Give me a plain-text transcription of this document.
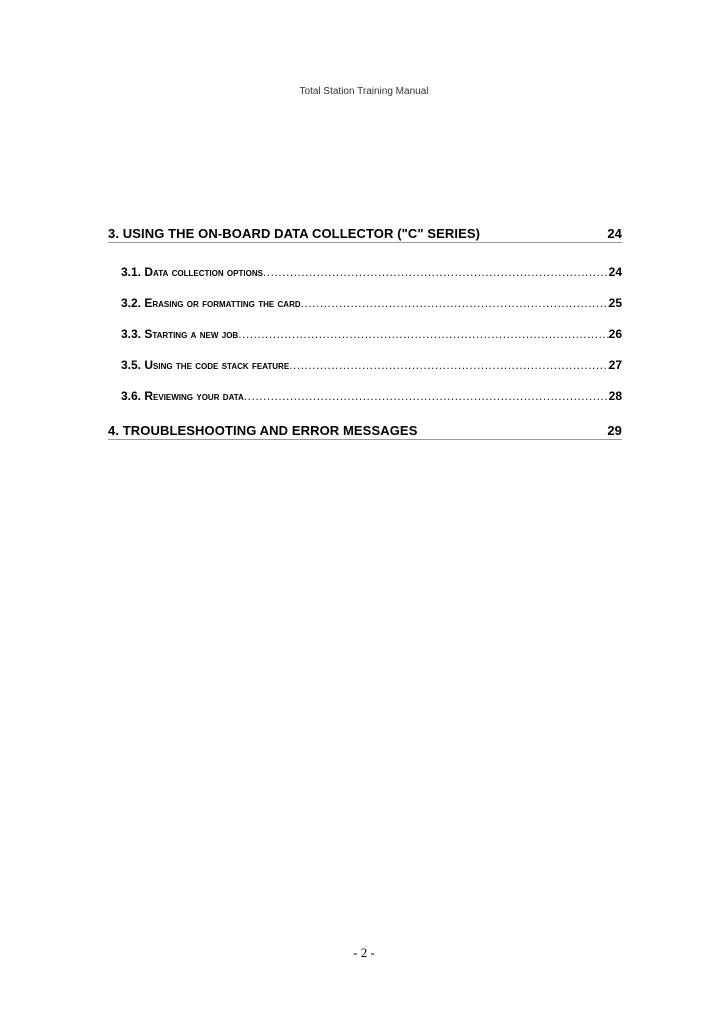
Total Station Training Manual
3. USING THE ON-BOARD DATA COLLECTOR ("C" SERIES)	24
3.1. Data collection options .....	24
3.2. Erasing or formatting the card .....	25
3.3. Starting a new job .....	26
3.5. Using the code stack feature .....	27
3.6. Reviewing your data .....	28
4. TROUBLESHOOTING AND ERROR MESSAGES	29
- 2 -
